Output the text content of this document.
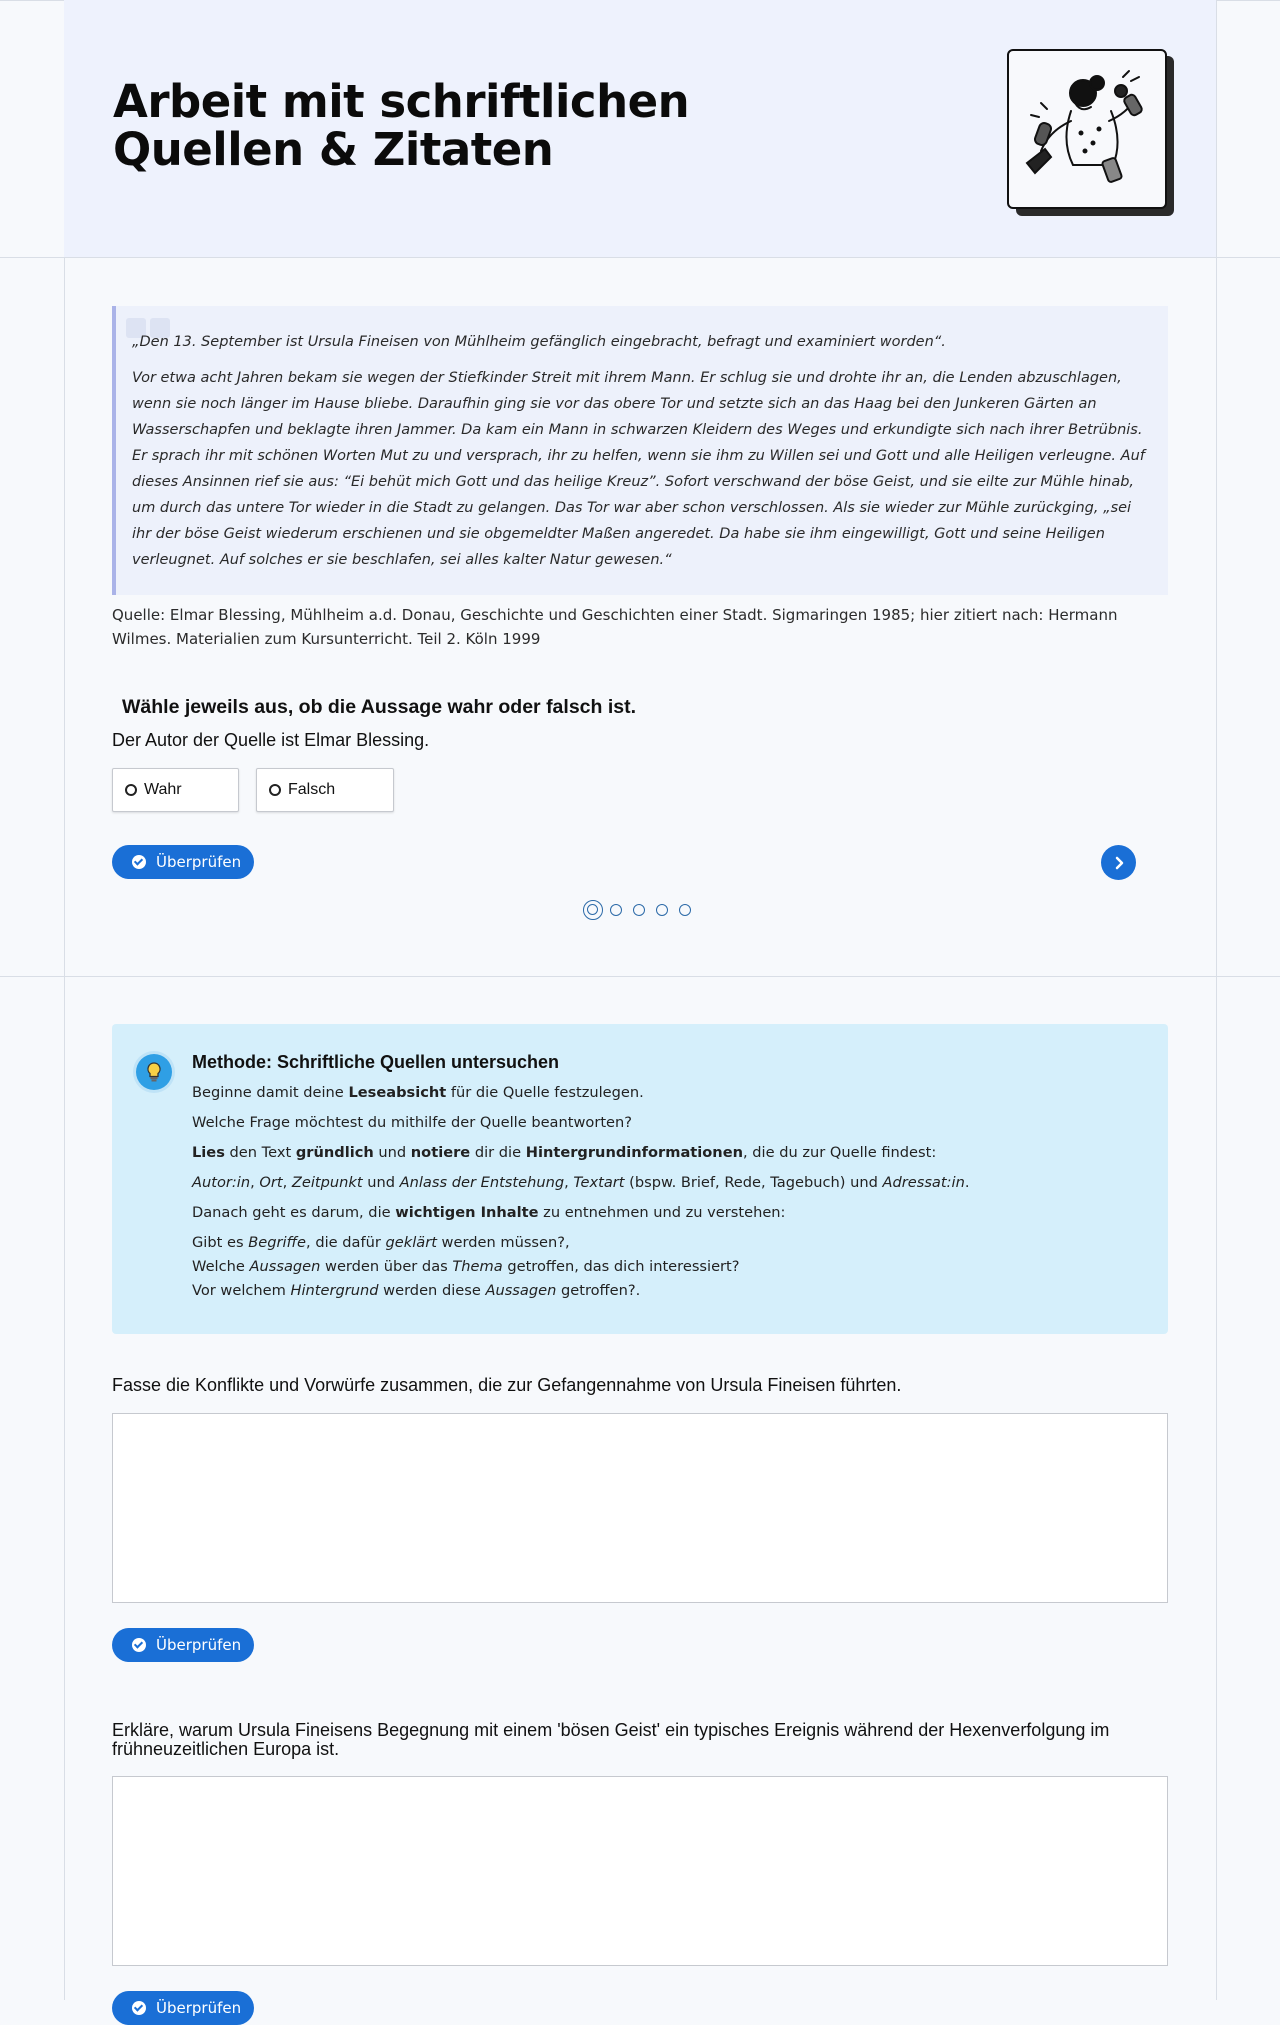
Arbeit mit schriftlichen
Quellen & Zitaten

„Den 13. September ist Ursula Fineisen von Mühlheim gefänglich eingebracht, befragt und examiniert worden“.

Vor etwa acht Jahren bekam sie wegen der Stiefkinder Streit mit ihrem Mann. Er schlug sie und drohte ihr an, die Lenden abzuschlagen, wenn sie noch länger im Hause bliebe. Daraufhin ging sie vor das obere Tor und setzte sich an das Haag bei den Junkeren Gärten an Wasserschapfen und beklagte ihren Jammer. Da kam ein Mann in schwarzen Kleidern des Weges und erkundigte sich nach ihrer Betrübnis. Er sprach ihr mit schönen Worten Mut zu und versprach, ihr zu helfen, wenn sie ihm zu Willen sei und Gott und alle Heiligen verleugne. Auf dieses Ansinnen rief sie aus: “Ei behüt mich Gott und das heilige Kreuz”. Sofort verschwand der böse Geist, und sie eilte zur Mühle hinab, um durch das untere Tor wieder in die Stadt zu gelangen. Das Tor war aber schon verschlossen. Als sie wieder zur Mühle zurückging, „sei ihr der böse Geist wiederum erschienen und sie obgemeldter Maßen angeredet. Da habe sie ihm eingewilligt, Gott und seine Heiligen verleugnet. Auf solches er sie beschlafen, sei alles kalter Natur gewesen.“

Quelle: Elmar Blessing, Mühlheim a.d. Donau, Geschichte und Geschichten einer Stadt. Sigmaringen 1985; hier zitiert nach: Hermann Wilmes. Materialien zum Kursunterricht. Teil 2. Köln 1999

Wähle jeweils aus, ob die Aussage wahr oder falsch ist.
Der Autor der Quelle ist Elmar Blessing.
Wahr	Falsch
Überprüfen
Methode: Schriftliche Quellen untersuchen
Beginne damit deine Leseabsicht für die Quelle festzulegen.
Welche Frage möchtest du mithilfe der Quelle beantworten?
Lies den Text gründlich und notiere dir die Hintergrundinformationen, die du zur Quelle findest:
Autor:in, Ort, Zeitpunkt und Anlass der Entstehung, Textart (bspw. Brief, Rede, Tagebuch) und Adressat:in.
Danach geht es darum, die wichtigen Inhalte zu entnehmen und zu verstehen:
Gibt es Begriffe, die dafür geklärt werden müssen?,
Welche Aussagen werden über das Thema getroffen, das dich interessiert?
Vor welchem Hintergrund werden diese Aussagen getroffen?.
Fasse die Konflikte und Vorwürfe zusammen, die zur Gefangennahme von Ursula Fineisen führten.
Überprüfen
Erkläre, warum Ursula Fineisens Begegnung mit einem 'bösen Geist' ein typisches Ereignis während der Hexenverfolgung im frühneuzeitlichen Europa ist.
Überprüfen
